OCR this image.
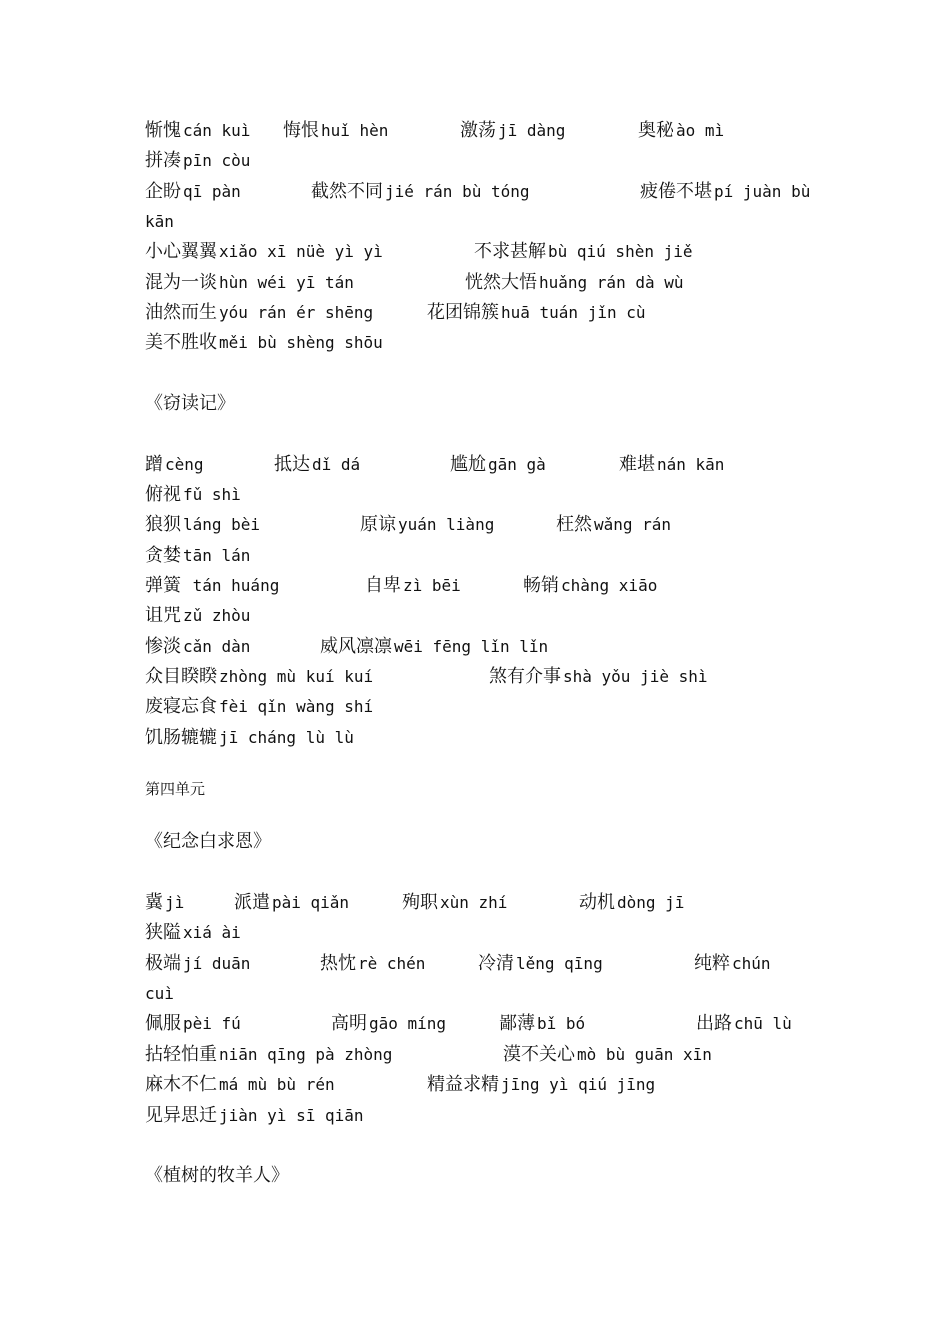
惭愧 cán kuì 悔恨 huǐ hèn	激荡 jī dàng	奥秘 ào mì
拼凑 pīn còu
企盼 qī pàn	截然不同 jié rán bù tóng	疲倦不堪 pí juàn bù
kān
小心翼翼 xiǎo xī nüè yì yì	不求甚解 bù qiú shèn jiě
混为一谈 hùn wéi yī tán	恍然大悟 huǎng rán dà wù
油然而生 yóu rán ér shēng	花团锦簇 huā tuán jǐn cù
美不胜收 měi bù shèng shōu
《窃读记》
蹭 cèng	抵达 dǐ dá	尴尬 gān gà	难堪 nán kān
俯视 fǔ shì
狼狈 láng bèi	原谅 yuán liàng	枉然 wǎng rán
贪婪 tān lán
弹簧 tán huáng	自卑 zì bēi	畅销 chàng xiāo
诅咒 zǔ zhòu
惨淡 cǎn dàn	威风凛凛 wēi fēng lǐn lǐn
众目睽睽 zhòng mù kuí kuí	煞有介事 shà yǒu jiè shì
废寝忘食 fèi qǐn wàng shí
饥肠辘辘 jī cháng lù lù
第四单元
《纪念白求恩》
冀 jì	派遣 pài qiǎn	殉职 xùn zhí	动机 dòng jī
狭隘 xiá ài
极端 jí duān	热忱 rè chén	冷清 lěng qīng	纯粹 chún
cuì
佩服 pèi fú	高明 gāo míng	鄙薄 bǐ bó	出路 chū lù
拈轻怕重 niān qīng pà zhòng	漠不关心 mò bù guān xīn
麻木不仁 má mù bù rén	精益求精 jīng yì qiú jīng
见异思迁 jiàn yì sī qiān
《植树的牧羊人》
